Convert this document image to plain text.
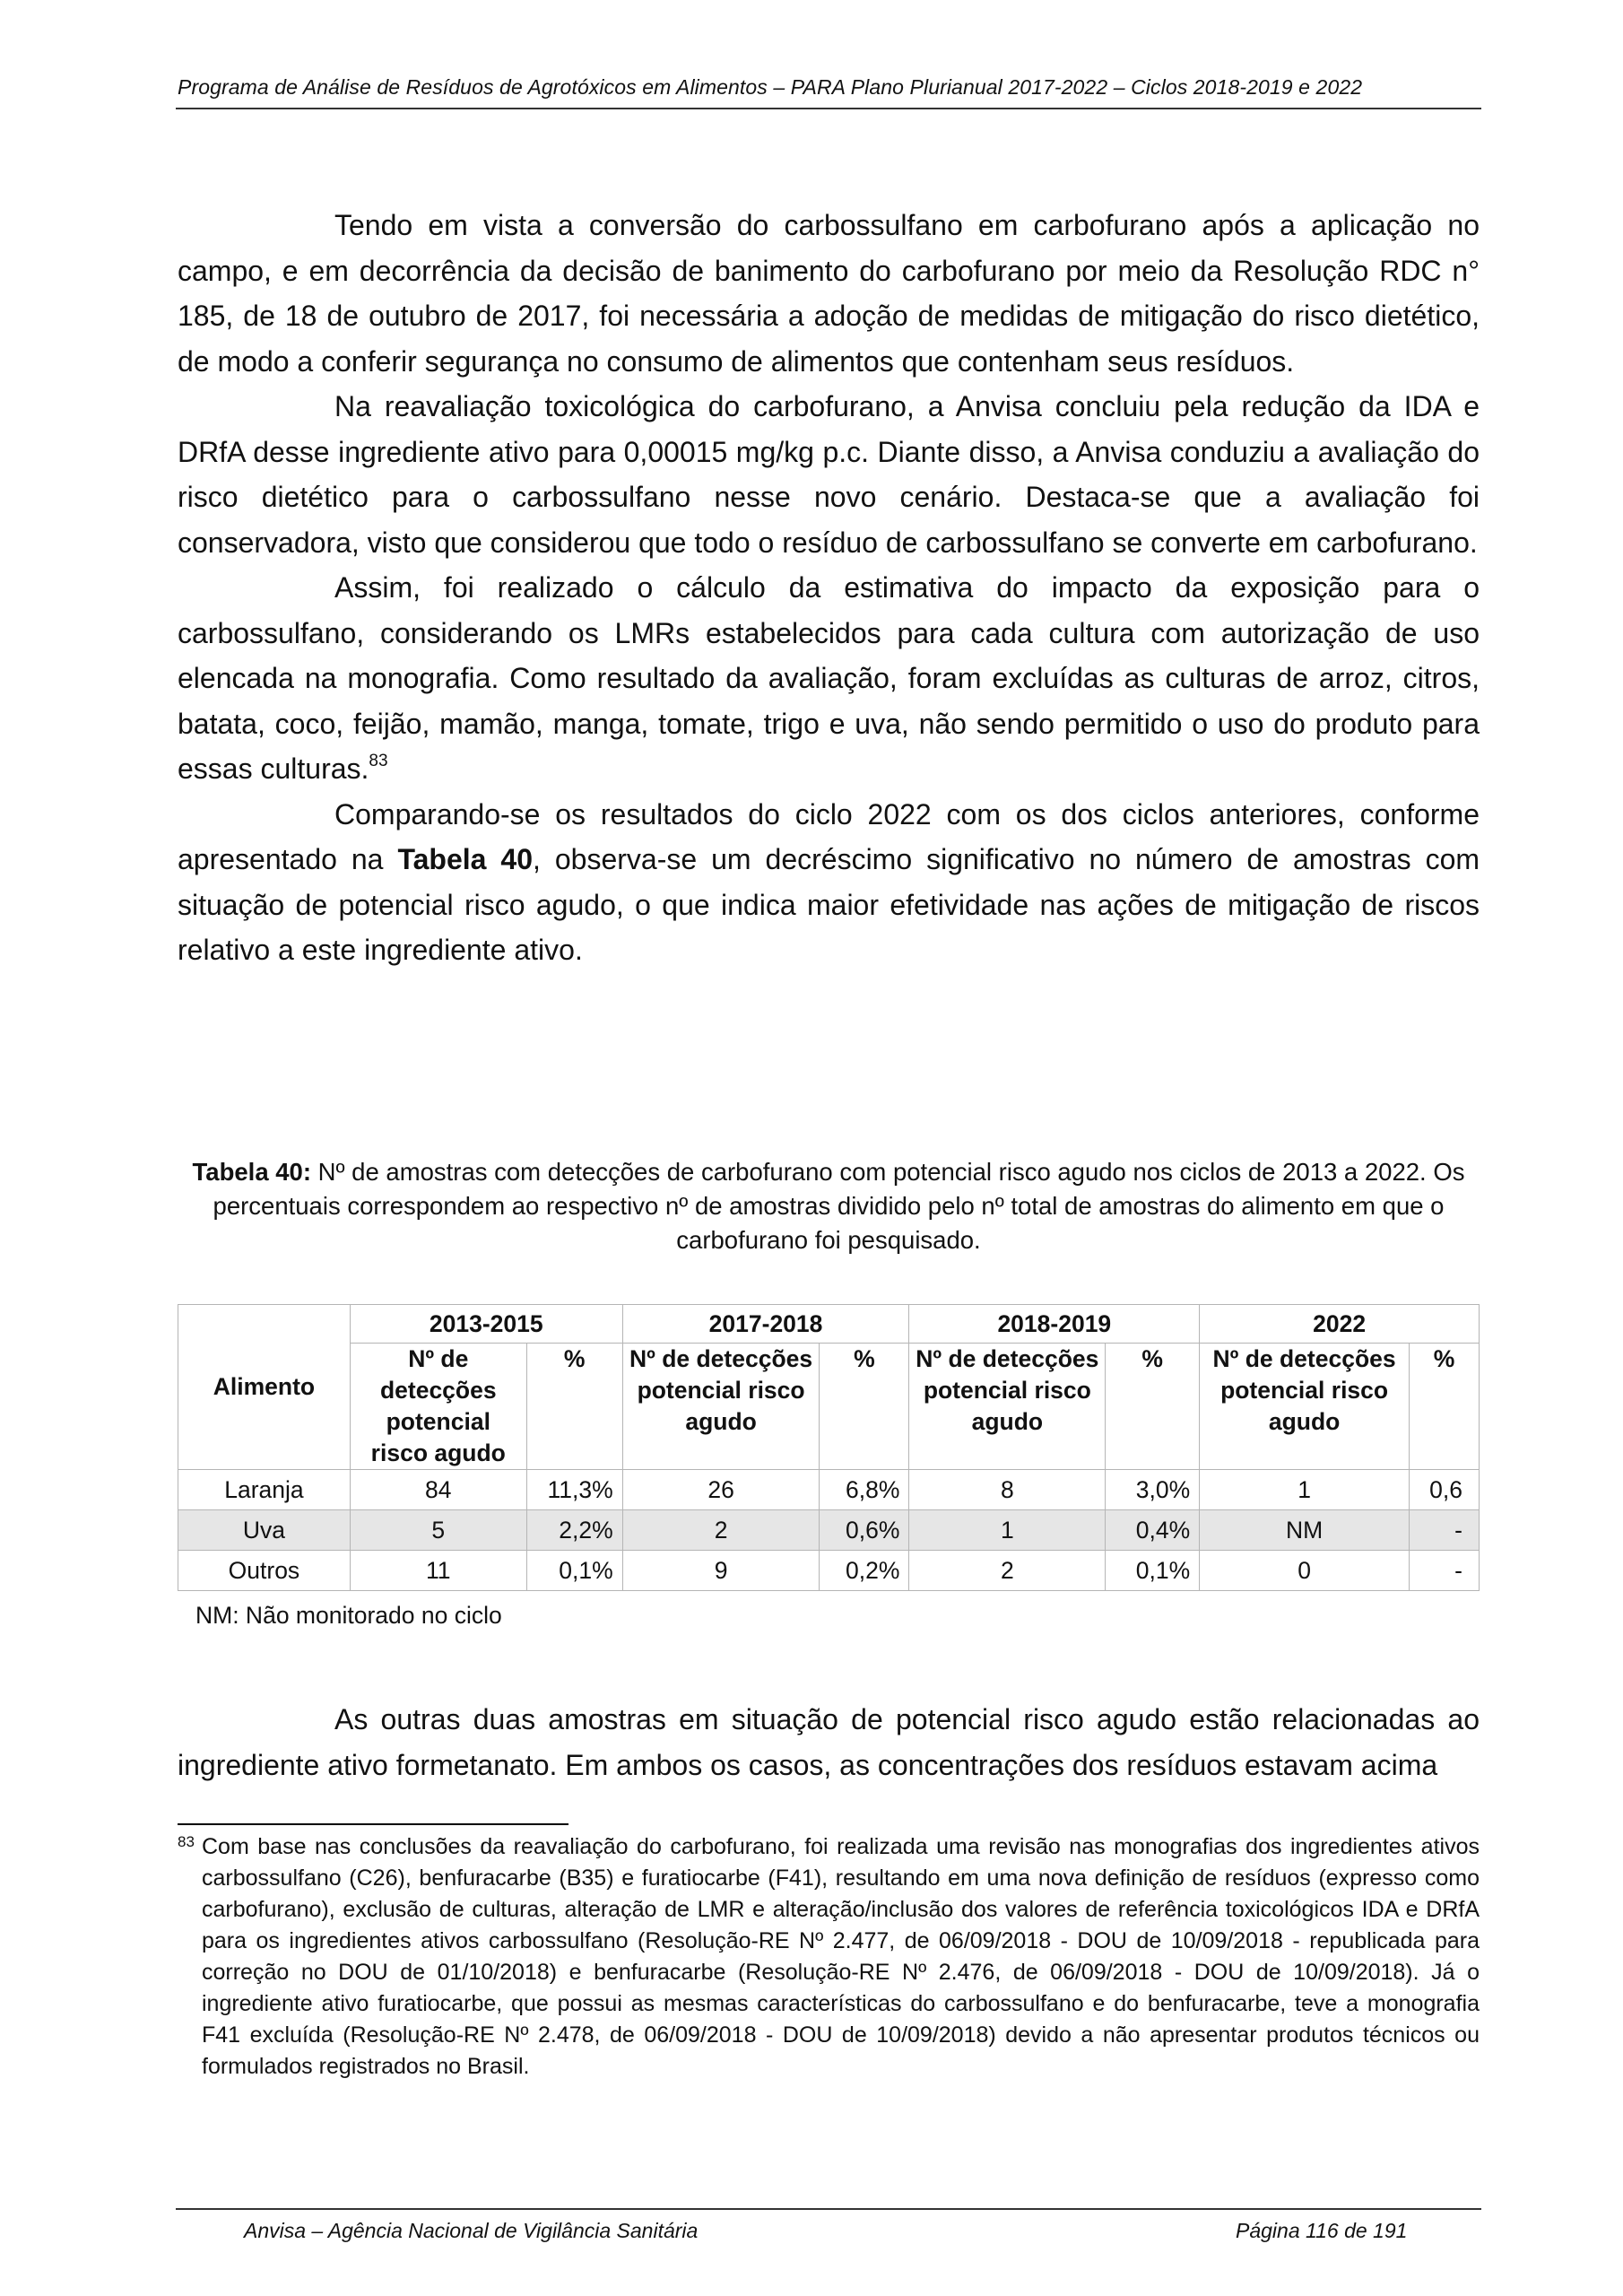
Programa de Análise de Resíduos de Agrotóxicos em Alimentos – PARA Plano Plurianual 2017-2022 – Ciclos 2018-2019 e 2022

Tendo em vista a conversão do carbossulfano em carbofurano após a aplicação no campo, e em decorrência da decisão de banimento do carbofurano por meio da Resolução RDC n° 185, de 18 de outubro de 2017, foi necessária a adoção de medidas de mitigação do risco dietético, de modo a conferir segurança no consumo de alimentos que contenham seus resíduos.

Na reavaliação toxicológica do carbofurano, a Anvisa concluiu pela redução da IDA e DRfA desse ingrediente ativo para 0,00015 mg/kg p.c. Diante disso, a Anvisa conduziu a avaliação do risco dietético para o carbossulfano nesse novo cenário. Destaca-se que a avaliação foi conservadora, visto que considerou que todo o resíduo de carbossulfano se converte em carbofurano.

Assim, foi realizado o cálculo da estimativa do impacto da exposição para o carbossulfano, considerando os LMRs estabelecidos para cada cultura com autorização de uso elencada na monografia. Como resultado da avaliação, foram excluídas as culturas de arroz, citros, batata, coco, feijão, mamão, manga, tomate, trigo e uva, não sendo permitido o uso do produto para essas culturas.$^{83}$

Comparando-se os resultados do ciclo 2022 com os dos ciclos anteriores, conforme apresentado na Tabela 40, observa-se um decréscimo significativo no número de amostras com situação de potencial risco agudo, o que indica maior efetividade nas ações de mitigação de riscos relativo a este ingrediente ativo.

Tabela 40: Nº de amostras com detecções de carbofurano com potencial risco agudo nos ciclos de 2013 a 2022. Os percentuais correspondem ao respectivo nº de amostras dividido pelo nº total de amostras do alimento em que o carbofurano foi pesquisado.
Alimento	2013-2015		2017-2018		2018-2019		2022	
	Nº de detecções potencial risco agudo	%	Nº de detecções potencial risco agudo	%	Nº de detecções potencial risco agudo	%	Nº de detecções potencial risco agudo	%
Laranja	84	11,3%	26	6,8%	8	3,0%	1	0,6
Uva	5	2,2%	2	0,6%	1	0,4%	NM	-
Outros	11	0,1%	9	0,2%	2	0,1%	0	-
NM: Não monitorado no ciclo

As outras duas amostras em situação de potencial risco agudo estão relacionadas ao ingrediente ativo formetanato. Em ambos os casos, as concentrações dos resíduos estavam acima

83 Com base nas conclusões da reavaliação do carbofurano, foi realizada uma revisão nas monografias dos ingredientes ativos carbossulfano (C26), benfuracarbe (B35) e furatiocarbe (F41), resultando em uma nova definição de resíduos (expresso como carbofurano), exclusão de culturas, alteração de LMR e alteração/inclusão dos valores de referência toxicológicos IDA e DRfA para os ingredientes ativos carbossulfano (Resolução-RE Nº 2.477, de 06/09/2018 - DOU de 10/09/2018 - republicada para correção no DOU de 01/10/2018) e benfuracarbe (Resolução-RE Nº 2.476, de 06/09/2018 - DOU de 10/09/2018). Já o ingrediente ativo furatiocarbe, que possui as mesmas características do carbossulfano e do benfuracarbe, teve a monografia F41 excluída (Resolução-RE Nº 2.478, de 06/09/2018 - DOU de 10/09/2018) devido a não apresentar produtos técnicos ou formulados registrados no Brasil.
Anvisa – Agência Nacional de Vigilância Sanitária	Página 116 de 191
